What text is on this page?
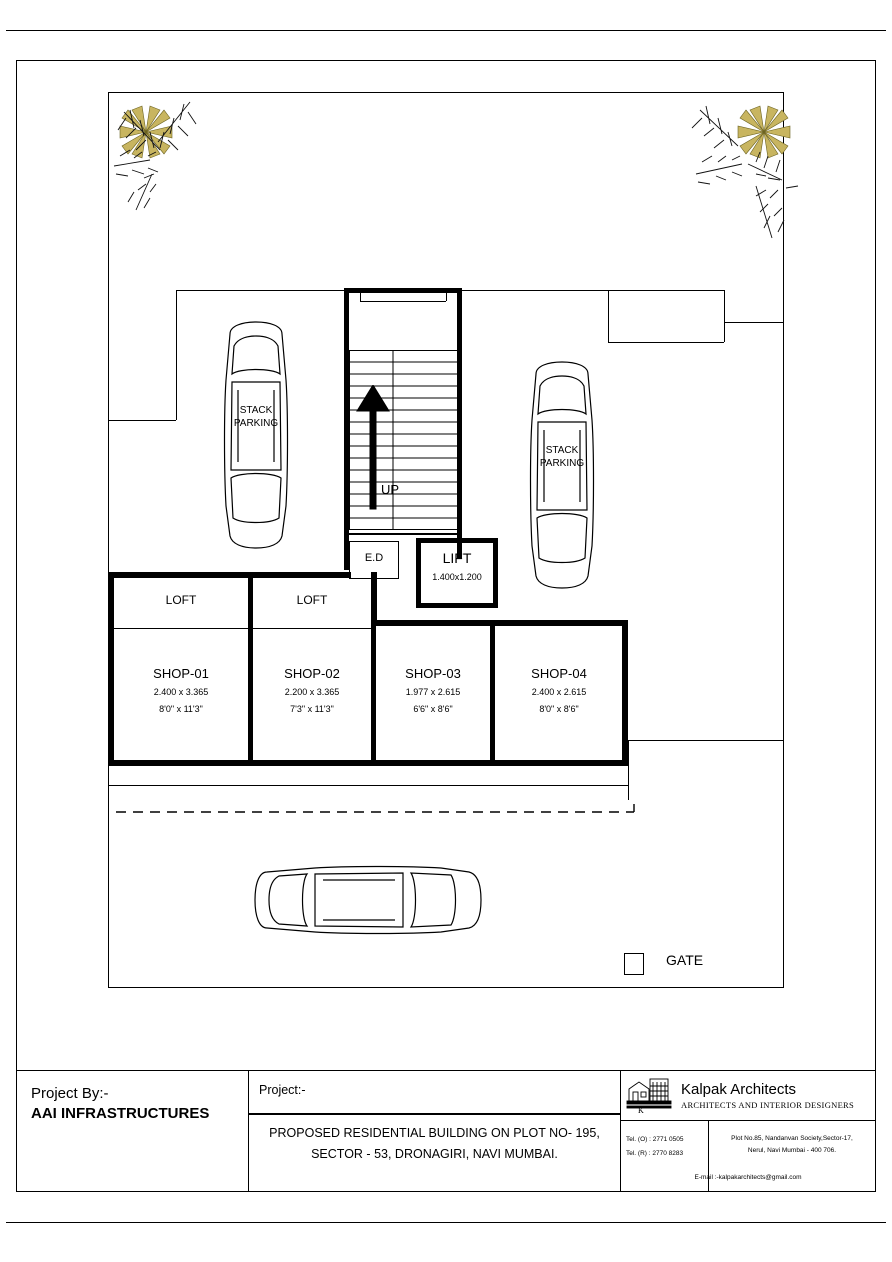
UP
E.D	LIFT
1.400x1.200
STACK
PARKING
STACK
PARKING
LOFT	LOFT
SHOP-01
2.400 x 3.365
8'0" x 11'3"
SHOP-02
2.200 x 3.365
7'3" x 11'3"
SHOP-03
1.977 x 2.615
6'6" x 8'6"
SHOP-04
2.400 x 2.615
8'0" x 8'6"
GATE
Project By:-
AAI INFRASTRUCTURES
Project:-
PROPOSED RESIDENTIAL BUILDING ON PLOT NO- 195,
SECTOR - 53, DRONAGIRI, NAVI MUMBAI.
K
Kalpak Architects
ARCHITECTS AND INTERIOR DESIGNERS
Tel. (O) : 2771 0505
Tel. (R) : 2770 8283
Plot No.85, Nandanvan Society,Sector-17,
Nerul, Navi Mumbai - 400 706.
E-mail :-kalpakarchitects@gmail.com
